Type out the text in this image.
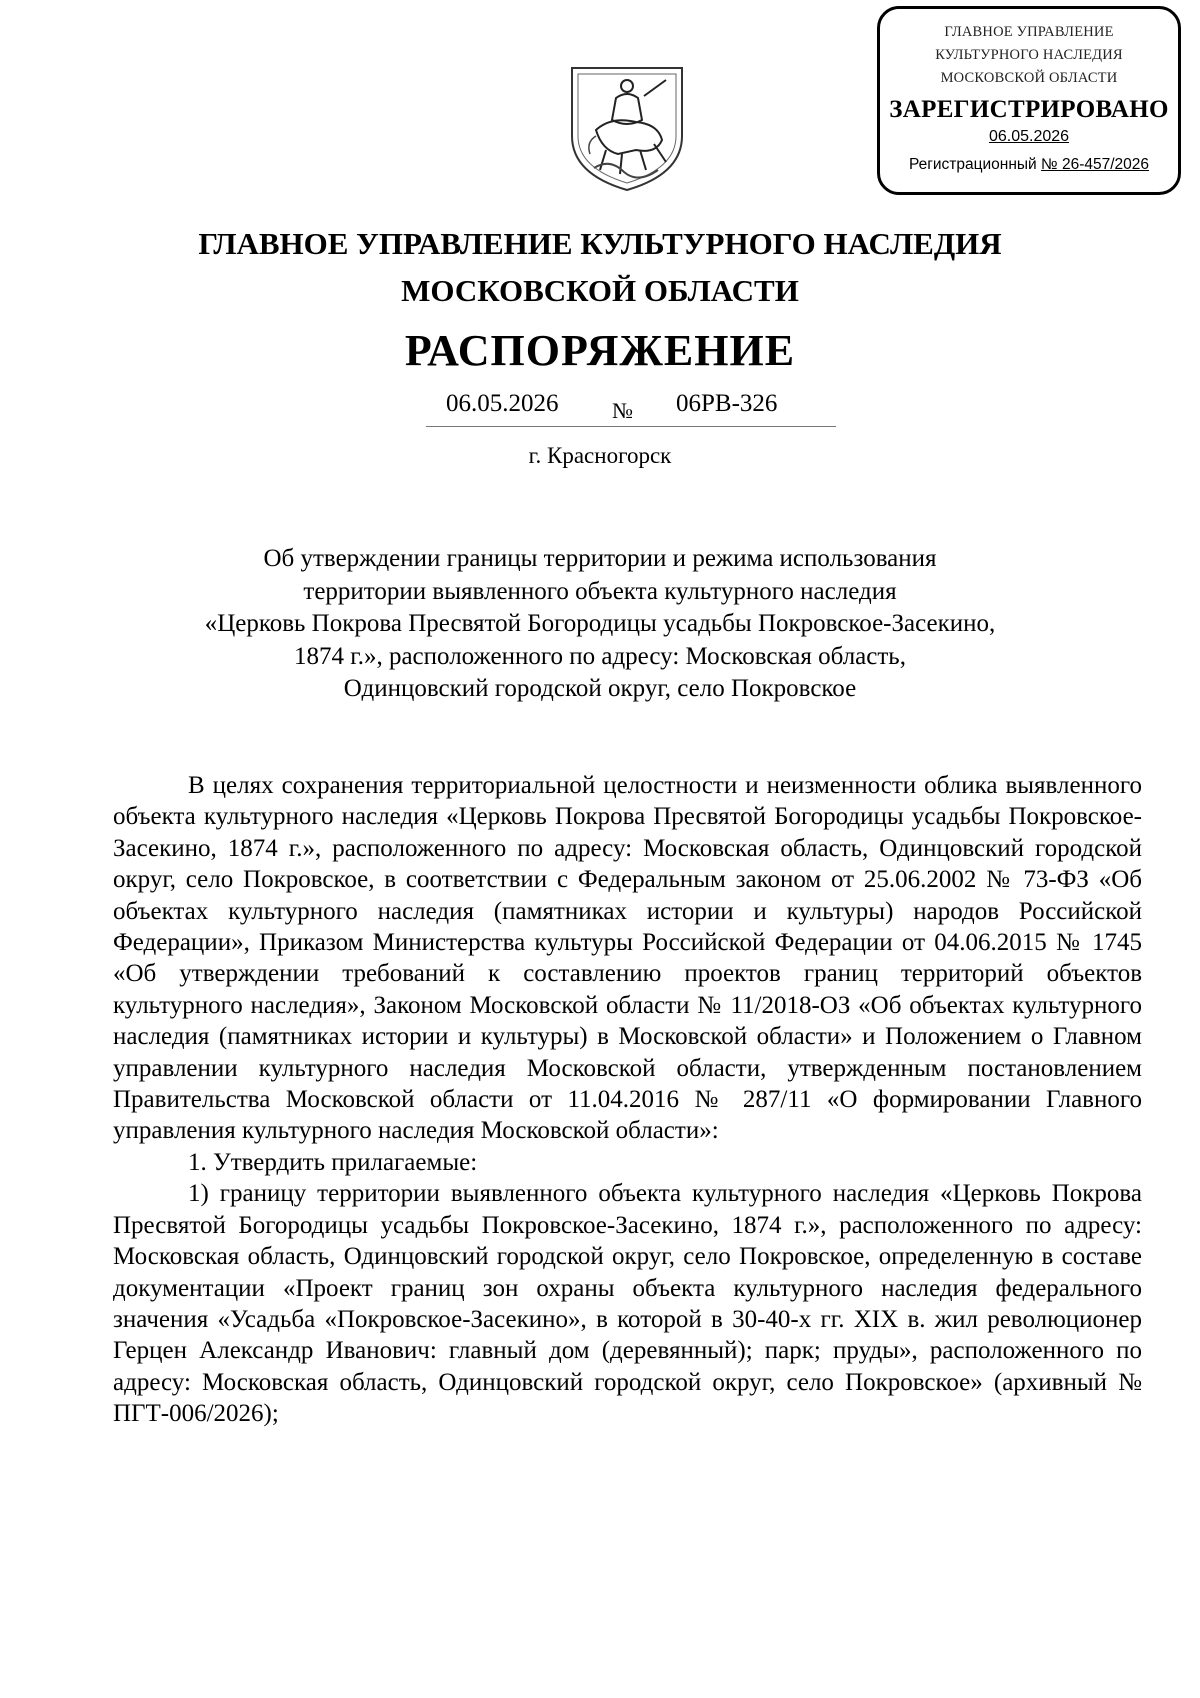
ГЛАВНОЕ УПРАВЛЕНИЕ
КУЛЬТУРНОГО НАСЛЕДИЯ
МОСКОВСКОЙ ОБЛАСТИ
ЗАРЕГИСТРИРОВАНО
06.05.2026
Регистрационный № 26-457/2026
ГЛАВНОЕ УПРАВЛЕНИЕ КУЛЬТУРНОГО НАСЛЕДИЯ
МОСКОВСКОЙ ОБЛАСТИ
РАСПОРЯЖЕНИЕ
06.05.2026 № 06РВ-326
г. Красногорск
Об утверждении границы территории и режима использования
территории выявленного объекта культурного наследия
«Церковь Покрова Пресвятой Богородицы усадьбы Покровское-Засекино,
1874 г.», расположенного по адресу: Московская область,
Одинцовский городской округ, село Покровское

В целях сохранения территориальной целостности и неизменности облика выявленного объекта культурного наследия «Церковь Покрова Пресвятой Богородицы усадьбы Покровское-Засекино, 1874 г.», расположенного по адресу: Московская область, Одинцовский городской округ, село Покровское, в соответствии с Федеральным законом от 25.06.2002 № 73-ФЗ «Об объектах культурного наследия (памятниках истории и культуры) народов Российской Федерации», Приказом Министерства культуры Российской Федерации от 04.06.2015 № 1745 «Об утверждении требований к составлению проектов границ территорий объектов культурного наследия», Законом Московской области № 11/2018-ОЗ «Об объектах культурного наследия (памятниках истории и культуры) в Московской области» и Положением о Главном управлении культурного наследия Московской области, утвержденным постановлением Правительства Московской области от 11.04.2016 № 287/11 «О формировании Главного управления культурного наследия Московской области»:

1. Утвердить прилагаемые:

1) границу территории выявленного объекта культурного наследия «Церковь Покрова Пресвятой Богородицы усадьбы Покровское-Засекино, 1874 г.», расположенного по адресу: Московская область, Одинцовский городской округ, село Покровское, определенную в составе документации «Проект границ зон охраны объекта культурного наследия федерального значения «Усадьба «Покровское-Засекино», в которой в 30-40-х гг. XIX в. жил революционер Герцен Александр Иванович: главный дом (деревянный); парк; пруды», расположенного по адресу: Московская область, Одинцовский городской округ, село Покровское» (архивный № ПГТ-006/2026);
